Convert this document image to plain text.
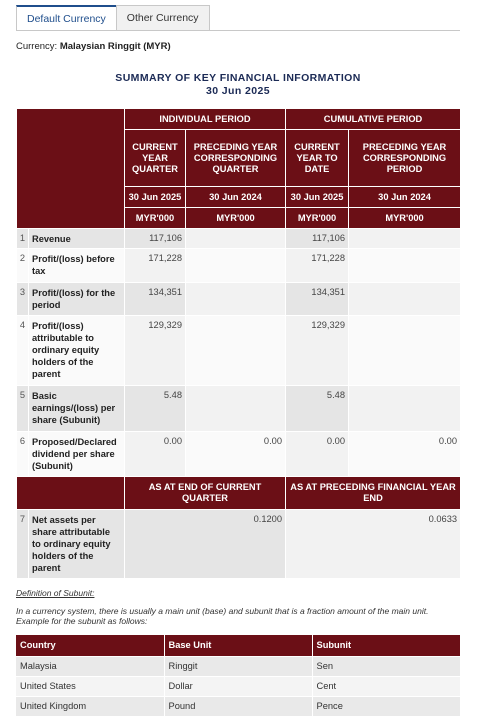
Default Currency	Other Currency
Currency: Malaysian Ringgit (MYR)
SUMMARY OF KEY FINANCIAL INFORMATION
30 Jun 2025
		INDIVIDUAL PERIOD		CUMULATIVE PERIOD	
		CURRENT YEAR QUARTER	PRECEDING YEAR CORRESPONDING QUARTER	CURRENT YEAR TO DATE	PRECEDING YEAR CORRESPONDING PERIOD
		30 Jun 2025	30 Jun 2024	30 Jun 2025	30 Jun 2024
		MYR'000	MYR'000	MYR'000	MYR'000
1	Revenue	117,106		117,106	
2	Profit/(loss) before tax	171,228		171,228	
3	Profit/(loss) for the period	134,351		134,351	
4	Profit/(loss) attributable to ordinary equity holders of the parent	129,329		129,329	
5	Basic earnings/(loss) per share (Subunit)	5.48		5.48	
6	Proposed/Declared dividend per share (Subunit)	0.00	0.00	0.00	0.00
		AS AT END OF CURRENT QUARTER		AS AT PRECEDING FINANCIAL YEAR END	
7	Net assets per share attributable to ordinary equity holders of the parent	0.1200		0.0633	
Definition of Subunit:
In a currency system, there is usually a main unit (base) and subunit that is a fraction amount of the main unit. Example for the subunit as follows:
Country	Base Unit	Subunit
Malaysia	Ringgit	Sen
United States	Dollar	Cent
United Kingdom	Pound	Pence
